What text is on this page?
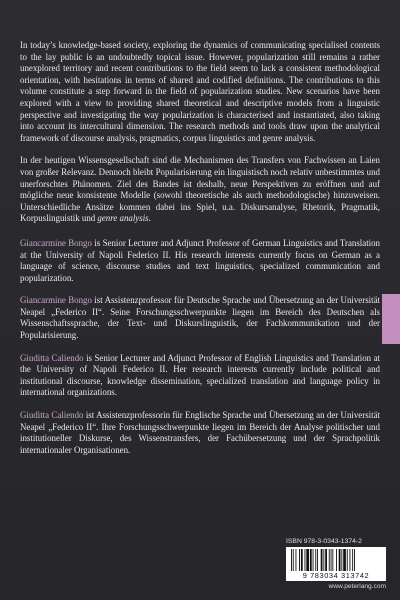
In today’s knowledge-based society, exploring the dynamics of communicating specialised contents to the lay public is an undoubtedly topical issue. However, popularization still remains a rather unexplored territory and recent contributions to the field seem to lack a consistent methodological orientation, with hesitations in terms of shared and codified definitions. The contributions to this volume constitute a step forward in the field of popularization studies. New scenarios have been explored with a view to providing shared theoretical and descriptive models from a linguistic perspective and investigating the way popularization is characterised and instantiated, also taking into account its intercultural dimension. The research methods and tools draw upon the analytical framework of discourse analysis, pragmatics, corpus linguistics and genre analysis.

In der heutigen Wissensgesellschaft sind die Mechanismen des Transfers von Fachwissen an Laien von großer Relevanz. Dennoch bleibt Popularisierung ein linguistisch noch relativ unbestimmtes und unerforschtes Phänomen. Ziel des Bandes ist deshalb, neue Perspektiven zu eröffnen und auf mögliche neue konsistente Modelle (sowohl theoretische als auch methodologische) hinzuweisen. Unterschiedliche Ansätze kommen dabei ins Spiel, u.a. Diskursanalyse, Rhetorik, Pragmatik, Korpuslinguistik und genre analysis.

Giancarmine Bongo is Senior Lecturer and Adjunct Professor of German Linguistics and Translation at the University of Napoli Federico II. His research interests currently focus on German as a language of science, discourse studies and text linguistics, specialized communication and popularization.

Giancarmine Bongo ist Assistenzprofessor für Deutsche Sprache und Übersetzung an der Universität Neapel „Federico II“. Seine Forschungsschwerpunkte liegen im Bereich des Deutschen als Wissenschaftssprache, der Text- und Diskurslinguistik, der Fachkommunikation und der Popularisierung.

Giuditta Caliendo is Senior Lecturer and Adjunct Professor of English Linguistics and Translation at the University of Napoli Federico II. Her research interests currently include political and institutional discourse, knowledge dissemination, specialized translation and language policy in international organizations.

Giuditta Caliendo ist Assistenzprofessorin für Englische Sprache und Übersetzung an der Universität Neapel „Federico II“. Ihre Forschungsschwerpunkte liegen im Bereich der Analyse politischer und institutioneller Diskurse, des Wissenstransfers, der Fachübersetzung und der Sprachpolitik internationaler Organisationen.

ISBN 978-3-0343-1374-2
9 783034 313742
www.peterlang.com
